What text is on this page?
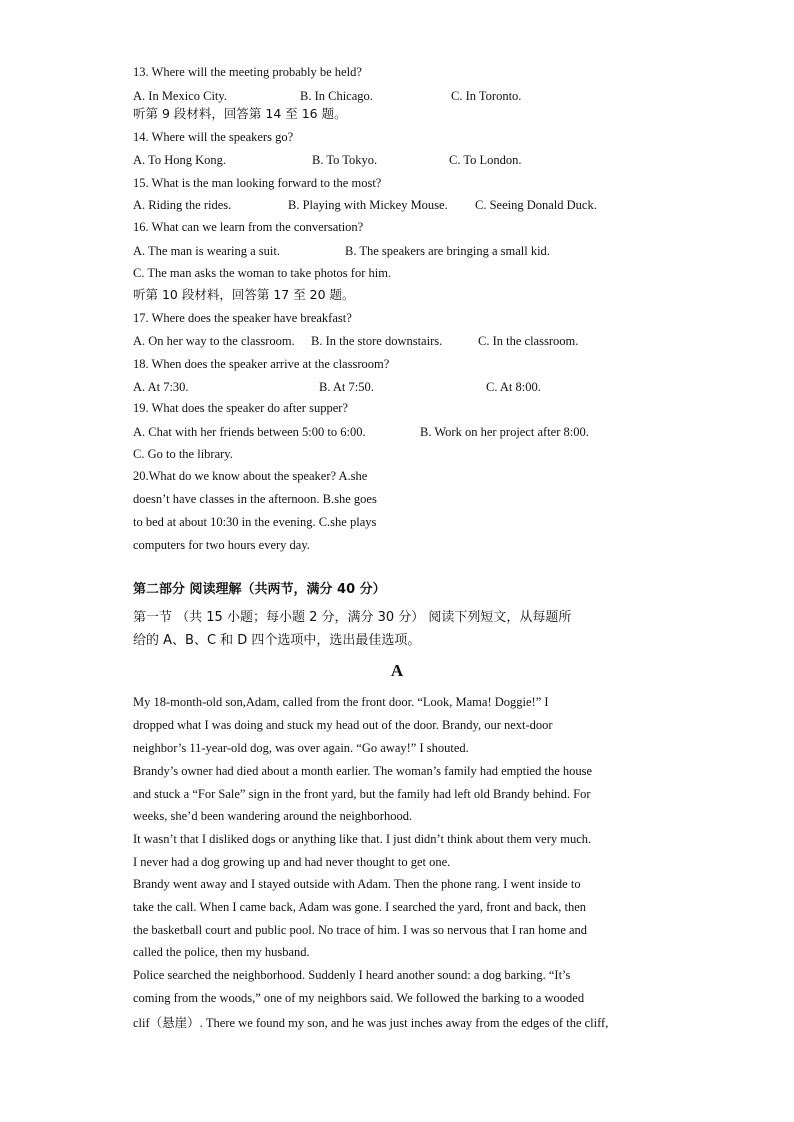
13. Where will the meeting probably be held?
A. In Mexico City.	B. In Chicago.	C. In Toronto.
听第 9 段材料，回答第 14 至 16 题。
14. Where will the speakers go?
A. To Hong Kong.	B. To Tokyo.	C. To London.
15. What is the man looking forward to the most?
A. Riding the rides.	B. Playing with Mickey Mouse. C. Seeing Donald Duck.
16. What can we learn from the conversation?
A. The man is wearing a suit.	B. The speakers are bringing a small kid.
C. The man asks the woman to take photos for him.
听第 10 段材料，回答第 17 至 20 题。
17. Where does the speaker have breakfast?
A. On her way to the classroom. B. In the store downstairs.	C. In the classroom.
18. When does the speaker arrive at the classroom?
A. At 7:30.	B. At 7:50.	C. At 8:00.
19. What does the speaker do after supper?
A. Chat with her friends between 5:00 to 6:00.	B. Work on her project after 8:00.
C. Go to the library.
20.What do we know about the speaker? A.she
doesn’t have classes in the afternoon. B.she goes
to bed at about 10:30 in the evening. C.she plays
computers for two hours every day.
第二部分 阅读理解（共两节，满分 40 分）
第一节 （共 15 小题；每小题 2 分，满分 30 分） 阅读下列短文，从每题所
给的 A、B、C 和 D 四个选项中，选出最佳选项。
A
My 18-month-old son,Adam, called from the front door. “Look, Mama! Doggie!” I
dropped what I was doing and stuck my head out of the door. Brandy, our next-door
neighbor’s 11-year-old dog, was over again. “Go away!” I shouted.
Brandy’s owner had died about a month earlier. The woman’s family had emptied the house
and stuck a “For Sale” sign in the front yard, but the family had left old Brandy behind. For
weeks, she’d been wandering around the neighborhood.
It wasn’t that I disliked dogs or anything like that. I just didn’t think about them very much.
I never had a dog growing up and had never thought to get one.
Brandy went away and I stayed outside with Adam. Then the phone rang. I went inside to
take the call. When I came back, Adam was gone. I searched the yard, front and back, then
the basketball court and public pool. No trace of him. I was so nervous that I ran home and
called the police, then my husband.
Police searched the neighborhood. Suddenly I heard another sound: a dog barking. “It’s
coming from the woods,” one of my neighbors said. We followed the barking to a wooded
clif（悬崖）. There we found my son, and he was just inches away from the edges of the cliff,
